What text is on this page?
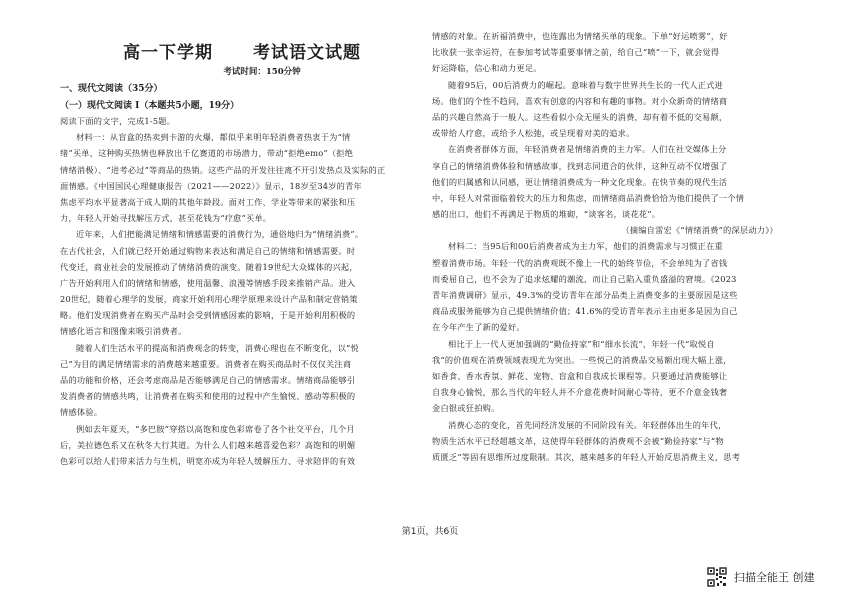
高一下学期 考试语文试题
考试时间：150分钟
一、现代文阅读（35分）
（一）现代文阅读 I（本题共5小题，19分）
阅读下面的文字，完成1-5题。
材料一：从盲盒的热卖到卡游的火爆，都似乎来明年轻消费者热衷于为“情
绪”买单，这种购买热情也释放出千亿赛道的市场潜力，带动“拒绝emo”（拒绝
情绪消极）、“进考必过”等商品的热销。这些产品的开发往往离不开引发热点及实际的正
面情感。《中国国民心理健康报告（2021——2022）》显示，18岁至34岁的青年
焦虑平均水平显著高于成人期的其他年龄段。面对工作、学业等带来的紧张和压
力，年轻人开始寻找解压方式，甚至花钱为“疗愈”买单。
近年来，人们把能满足情绪和情感需要的消费行为，通俗地归为“情绪消费”。
在古代社会，人们就已经开始通过购物来表达和满足自己的情绪和情感需要。时
代变迁，商业社会的发展推动了情绪消费的演变。随着19世纪大众媒体的兴起，
广告开始利用人们的情绪和情感，使用温馨、浪漫等情感手段来推销产品。进入
20世纪，随着心理学的发展，商家开始利用心理学原理来设计产品和制定营销策
略。他们发现消费者在购买产品时会受到情感因素的影响，于是开始利用积极的
情感化语言和图像来吸引消费者。
随着人们生活水平的提高和消费观念的转变，消费心理也在不断变化，以“悦
己”为目的满足情绪需求的消费越来越重要。消费者在购买商品时不仅仅关注商
品的功能和价格，还会考虑商品是否能够满足自己的情感需求。情绪商品能够引
发消费者的情感共鸣，让消费者在购买和使用的过程中产生愉悦、感动等积极的
情感体验。
例如去年夏天，“多巴胺”穿搭以高饱和度色彩席卷了各个社交平台，几个月
后，美拉德色系又在秋冬大行其道。为什么人们越来越喜爱色彩？高饱和的明媚
色彩可以给人们带来活力与生机，明宽亦成为年轻人缓解压力、寻求陪伴的有效
情感的对象。在祈福消费中，也连露出为情绪买单的现象。下单“好运喷雾”，好
比收获一张幸运符，在参加考试等重要事情之前，给自己“喷”一下，就会觉得
好运降临，信心和动力更足。
随着95后，00后消费力的崛起。意味着与数字世界共生长的一代人正式进
场。他们的个性不趋同，喜欢有创意的内容和有趣的事物。对小众新奇的情绪商
品的兴趣自然高于一般人。这些看似小众无厘头的消费，却有着不低的交易额，
或带给人疗愈，或给予人松弛，或呈现着对美的追求。
在消费者群体方面，年轻消费者是情绪消费的主力军。人们在社交媒体上分
享自己的情绪消费体验和情感故事，找到志同道合的伙伴，这种互动不仅增强了
他们的归属感和认同感，更让情绪消费成为一种文化现象。在快节奏的现代生活
中，年轻人对常面临着较大的压力和焦虑，而情绪商品消费恰恰为他们提供了一个情
感的出口，他们不再满足于物质的堆砌，“谈客名，谈花花”。
（摘编自雷宏《“情绪消费”的深层动力》）
材料二：当95后和00后消费者成为主力军，他们的消费需求与习惯正在重
塑着消费市场。年轻一代的消费观既不像上一代的始终节俭，不会单纯为了省钱
而委屈自己，也不会为了追求炫耀的潮流，而让自己陷入重负盛溢的窘境。《2023
青年消费调研》显示，49.3%的受访青年在部分品类上消费变多的主要原因是这些
商品或服务能够为自己提供情绪价值；41.6%的受访青年表示主由更多是因为自己
在今年产生了新的爱好。
相比于上一代人更加强调的“勤俭持家”和“细水长流”，年轻一代“取悦自
我”的价值观在消费领域表现尤为突出。一些悦己的消费品交易额出现大幅上涨，
如香食、香水香氛、鲜花、宠物、盲盒和自我成长课程等。只要通过消费能够让
自我身心愉悦，那么当代的年轻人并不介意花费时间耐心等待，更不介意金钱奢
金白银或狂拍购。
消费心态的变化，首先同经济发展的不同阶段有关。年轻群体出生的年代，
物质生活水平已经超越文革，这使得年轻群体的消费观不会被“勤俭持家”与“物
质匮乏”等固有思维所过度限制。其次，越来越多的年轻人开始反思消费主义，思考
第1页，共6页
扫描全能王 创建
